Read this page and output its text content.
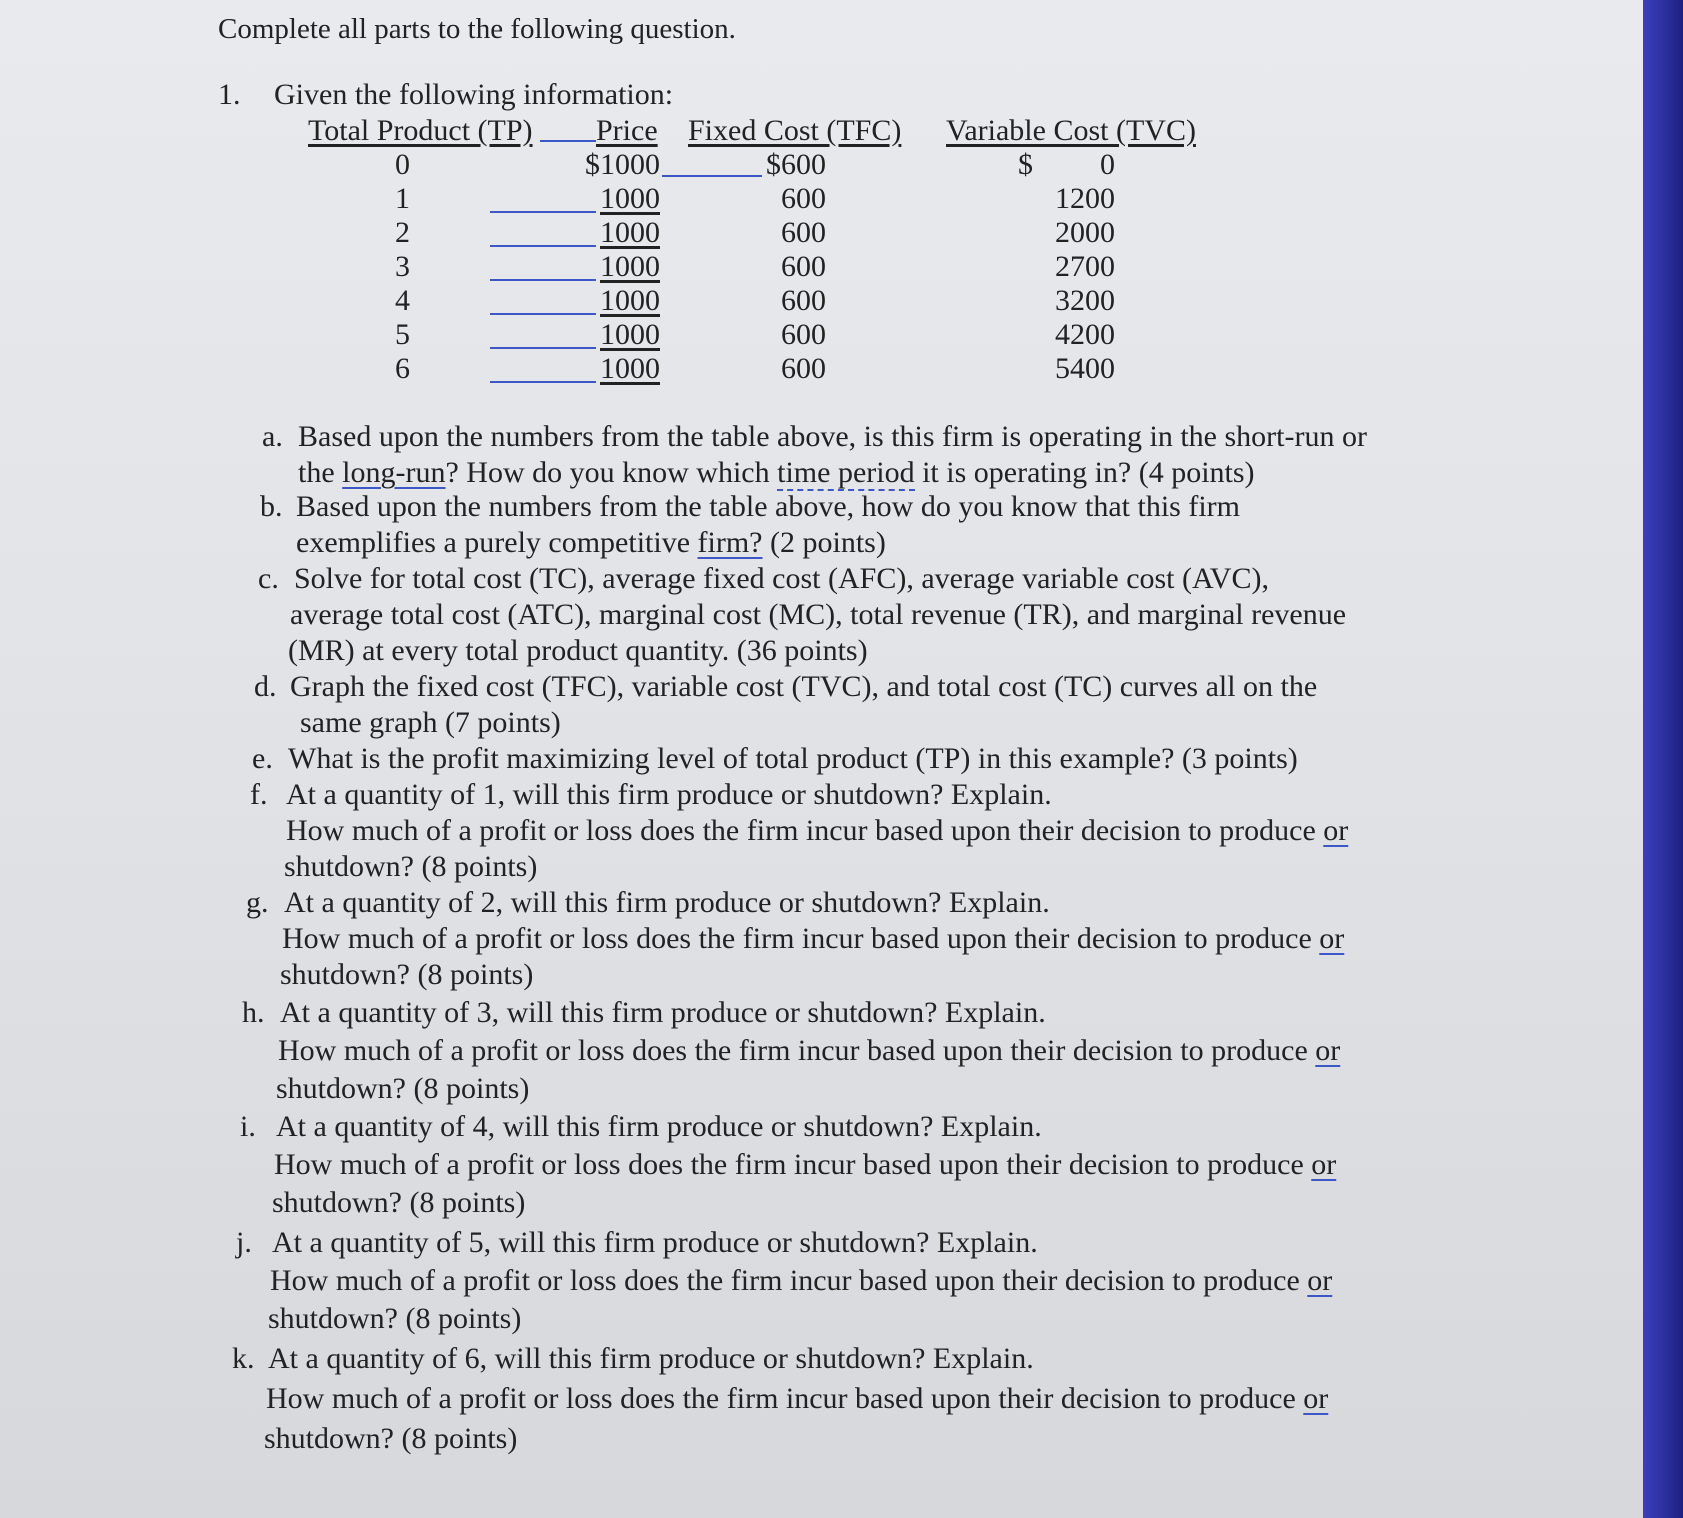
Complete all parts to the following question.
1. Given the following information:
Total Product (TP) Price Fixed Cost (TFC) Variable Cost (TVC)
0	$1000	$600	$	0
1	1000	600	1200
2	1000	600	2000
3	1000	600	2700
4	1000	600	3200
5	1000	600	4200
6	1000	600	5400
a. Based upon the numbers from the table above, is this firm is operating in the short-run or
the long-run? How do you know which time period it is operating in? (4 points)
b. Based upon the numbers from the table above, how do you know that this firm
exemplifies a purely competitive firm? (2 points)
c. Solve for total cost (TC), average fixed cost (AFC), average variable cost (AVC),
average total cost (ATC), marginal cost (MC), total revenue (TR), and marginal revenue
(MR) at every total product quantity. (36 points)
d. Graph the fixed cost (TFC), variable cost (TVC), and total cost (TC) curves all on the
same graph (7 points)
e. What is the profit maximizing level of total product (TP) in this example? (3 points)
f. At a quantity of 1, will this firm produce or shutdown? Explain.
How much of a profit or loss does the firm incur based upon their decision to produce or
shutdown? (8 points)
g. At a quantity of 2, will this firm produce or shutdown? Explain.
How much of a profit or loss does the firm incur based upon their decision to produce or
shutdown? (8 points)
h. At a quantity of 3, will this firm produce or shutdown? Explain.
How much of a profit or loss does the firm incur based upon their decision to produce or
shutdown? (8 points)
i. At a quantity of 4, will this firm produce or shutdown? Explain.
How much of a profit or loss does the firm incur based upon their decision to produce or
shutdown? (8 points)
j. At a quantity of 5, will this firm produce or shutdown? Explain.
How much of a profit or loss does the firm incur based upon their decision to produce or
shutdown? (8 points)
k. At a quantity of 6, will this firm produce or shutdown? Explain.
How much of a profit or loss does the firm incur based upon their decision to produce or
shutdown? (8 points)
